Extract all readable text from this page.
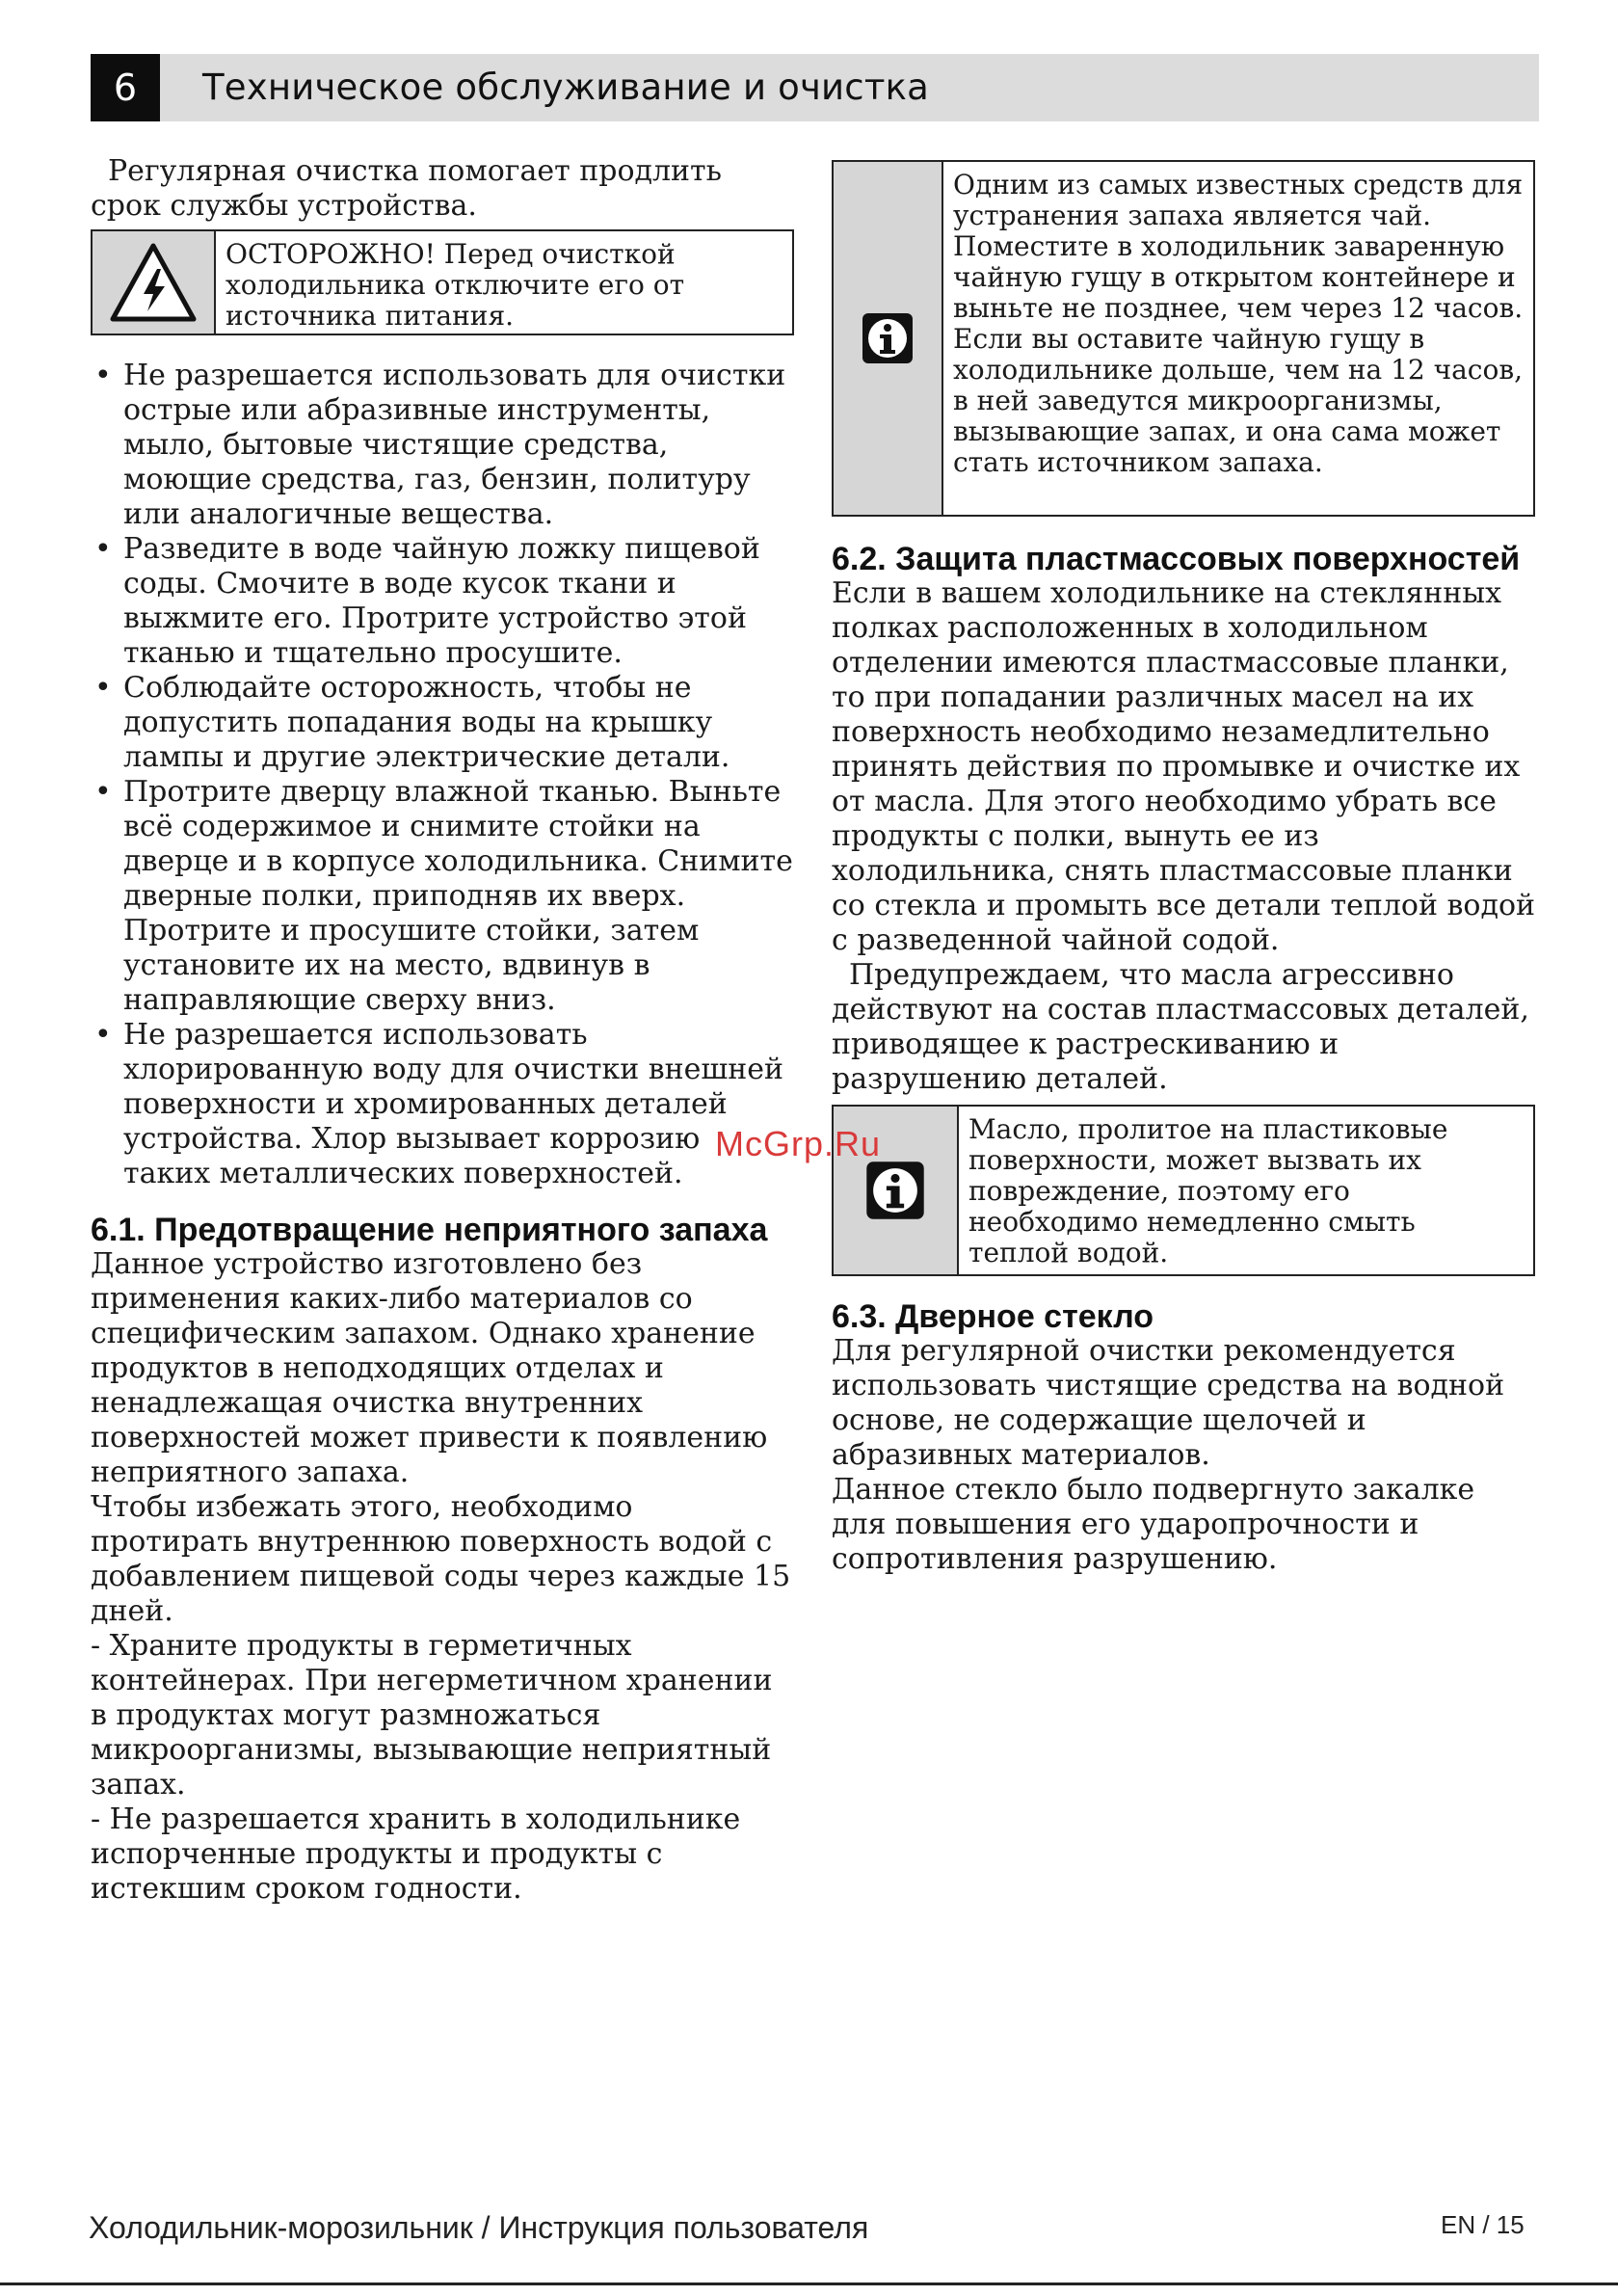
6	Техническое обслуживание и очистка

Регулярная очистка помогает продлить срок службы устройства.

ОСТОРОЖНО! Перед очисткой холодильника отключите его от источника питания.
• Не разрешается использовать для очистки острые или абразивные инструменты, мыло, бытовые чистящие средства, моющие средства, газ, бензин, политуру или аналогичные вещества.
• Разведите в воде чайную ложку пищевой соды. Смочите в воде кусок ткани и выжмите его. Протрите устройство этой тканью и тщательно просушите.
• Соблюдайте осторожность, чтобы не допустить попадания воды на крышку лампы и другие электрические детали.
• Протрите дверцу влажной тканью. Выньте всё содержимое и снимите стойки на дверце и в корпусе холодильника. Снимите дверные полки, приподняв их вверх. Протрите и просушите стойки, затем установите их на место, вдвинув в направляющие сверху вниз.
• Не разрешается использовать хлорированную воду для очистки внешней поверхности и хромированных деталей устройства. Хлор вызывает коррозию таких металлических поверхностей.
6.1. Предотвращение неприятного запаха

Данное устройство изготовлено без применения каких-либо материалов со специфическим запахом. Однако хранение продуктов в неподходящих отделах и ненадлежащая очистка внутренних поверхностей может привести к появлению неприятного запаха.

Чтобы избежать этого, необходимо протирать внутреннюю поверхность водой с добавлением пищевой соды через каждые 15 дней.

- Храните продукты в герметичных контейнерах. При негерметичном хранении в продуктах могут размножаться микроорганизмы, вызывающие неприятный запах.

- Не разрешается хранить в холодильнике испорченные продукты и продукты с истекшим сроком годности.

Одним из самых известных средств для устранения запаха является чай. Поместите в холодильник заваренную чайную гущу в открытом контейнере и выньте не позднее, чем через 12 часов. Если вы оставите чайную гущу в холодильнике дольше, чем на 12 часов, в ней заведутся микроорганизмы, вызывающие запах, и она сама может стать источником запаха.
6.2. Защита пластмассовых поверхностей

Если в вашем холодильнике на стеклянных полках расположенных в холодильном отделении имеются пластмассовые планки, то при попадании различных масел на их поверхность необходимо незамедлительно принять действия по промывке и очистке их от масла. Для этого необходимо убрать все продукты с полки, вынуть ее из холодильника, снять пластмассовые планки со стекла и промыть все детали теплой водой с разведенной чайной содой.

Предупреждаем, что масла агрессивно действуют на состав пластмассовых деталей, приводящее к растрескиванию и разрушению деталей.

Масло, пролитое на пластиковые поверхности, может вызвать их повреждение, поэтому его необходимо немедленно смыть теплой водой.
6.3. Дверное стекло

Для регулярной очистки рекомендуется использовать чистящие средства на водной основе, не содержащие щелочей и абразивных материалов.

Данное стекло было подвергнуто закалке для повышения его ударопрочности и сопротивления разрушению.

McGrp.Ru
Холодильник-морозильник / Инструкция пользователя	EN / 15
